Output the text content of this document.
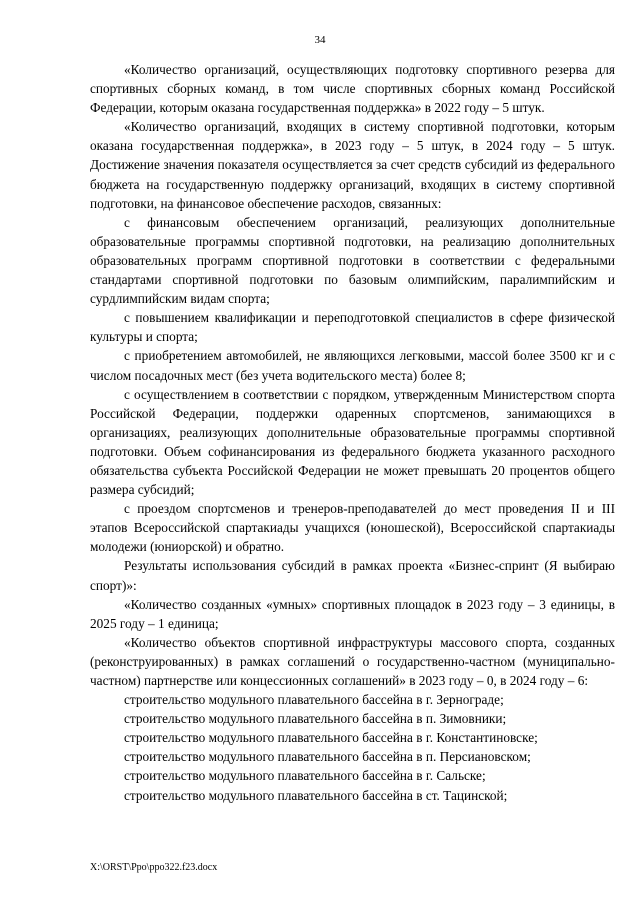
34

«Количество организаций, осуществляющих подготовку спортивного резерва для спортивных сборных команд, в том числе спортивных сборных команд Российской Федерации, которым оказана государственная поддержка» в 2022 году – 5 штук.

«Количество организаций, входящих в систему спортивной подготовки, которым оказана государственная поддержка», в 2023 году – 5 штук, в 2024 году – 5 штук. Достижение значения показателя осуществляется за счет средств субсидий из федерального бюджета на государственную поддержку организаций, входящих в систему спортивной подготовки, на финансовое обеспечение расходов, связанных:

с финансовым обеспечением организаций, реализующих дополнительные образовательные программы спортивной подготовки, на реализацию дополнительных образовательных программ спортивной подготовки в соответствии с федеральными стандартами спортивной подготовки по базовым олимпийским, паралимпийским и сурдлимпийским видам спорта;

с повышением квалификации и переподготовкой специалистов в сфере физической культуры и спорта;

с приобретением автомобилей, не являющихся легковыми, массой более 3500 кг и с числом посадочных мест (без учета водительского места) более 8;

с осуществлением в соответствии с порядком, утвержденным Министерством спорта Российской Федерации, поддержки одаренных спортсменов, занимающихся в организациях, реализующих дополнительные образовательные программы спортивной подготовки. Объем софинансирования из федерального бюджета указанного расходного обязательства субъекта Российской Федерации не может превышать 20 процентов общего размера субсидий;

с проездом спортсменов и тренеров-преподавателей до мест проведения II и III этапов Всероссийской спартакиады учащихся (юношеской), Всероссийской спартакиады молодежи (юниорской) и обратно.

Результаты использования субсидий в рамках проекта «Бизнес-спринт (Я выбираю спорт)»:

«Количество созданных «умных» спортивных площадок в 2023 году – 3 единицы, в 2025 году – 1 единица;

«Количество объектов спортивной инфраструктуры массового спорта, созданных (реконструированных) в рамках соглашений о государственно-частном (муниципально-частном) партнерстве или концессионных соглашений» в 2023 году – 0, в 2024 году – 6:

строительство модульного плавательного бассейна в г. Зернограде;

строительство модульного плавательного бассейна в п. Зимовники;

строительство модульного плавательного бассейна в г. Константиновске;

строительство модульного плавательного бассейна в п. Персиановском;

строительство модульного плавательного бассейна в г. Сальске;

строительство модульного плавательного бассейна в ст. Тацинской;

X:\ORST\Ppo\ppo322.f23.docx
